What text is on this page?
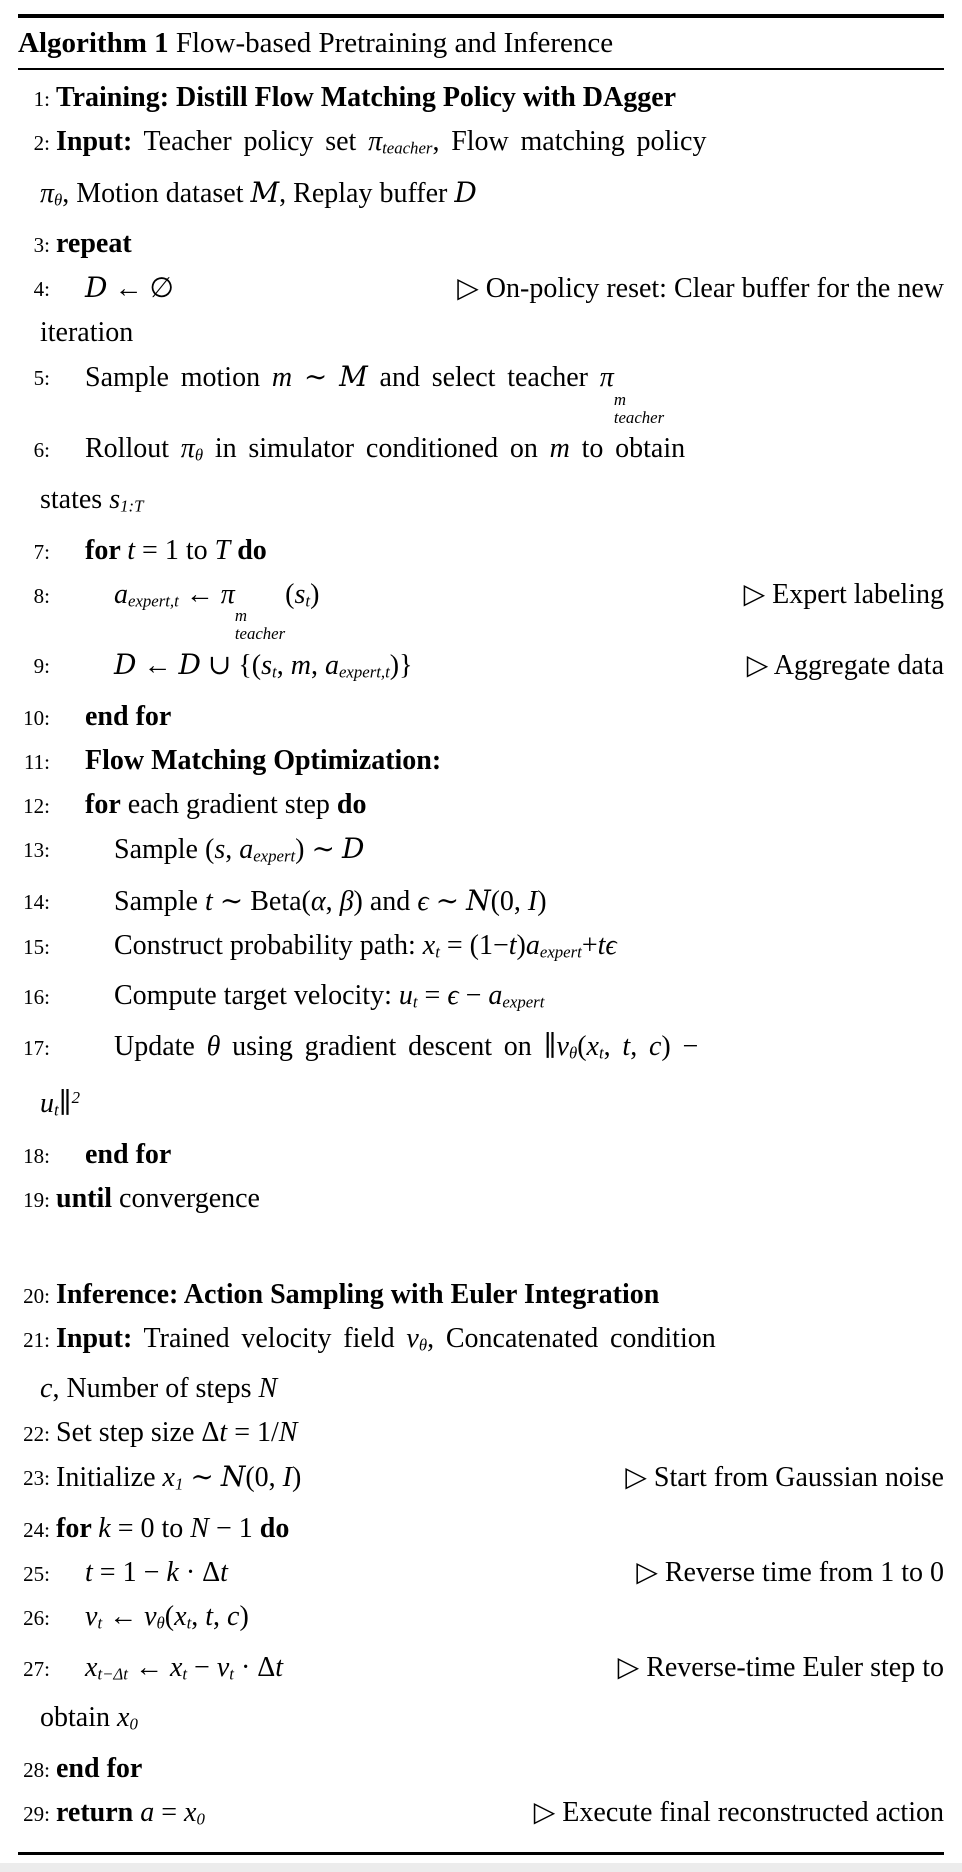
Algorithm 1 Flow-based Pretraining and Inference
1: Training: Distill Flow Matching Policy with DAgger
2: Input: Teacher policy set πteacher, Flow matching policy
πθ, Motion dataset M, Replay buffer D
3: repeat
4: D ← ∅	▷ On-policy reset: Clear buffer for the new
iteration
5: Sample motion m ∼ M and select teacher π
m
teacher
6: Rollout πθ in simulator conditioned on m to obtain
states s1:T
7: for t = 1 to T do
8: aexpert,t ← π
m
teacher
(st)	▷ Expert labeling
9: D ← D ∪ {(st, m, aexpert,t)}	▷ Aggregate data
10: end for
11: Flow Matching Optimization:
12: for each gradient step do
13: Sample (s, aexpert) ∼ D
14: Sample t ∼ Beta(α, β) and ϵ ∼ N(0, I)
15: Construct probability path: xt = (1−t)aexpert+tϵ
16: Compute target velocity: ut = ϵ − aexpert
17: Update θ using gradient descent on ∥vθ(xt, t, c) −
ut∥$^2$
18: end for
19: until convergence
20: Inference: Action Sampling with Euler Integration
21: Input: Trained velocity field vθ, Concatenated condition
c, Number of steps N
22: Set step size Δt = 1/N
23: Initialize x1 ∼ N(0, I)	▷ Start from Gaussian noise
24: for k = 0 to N − 1 do
25: t = 1 − k · Δt	▷ Reverse time from 1 to 0
26: vt ← vθ(xt, t, c)
27: xt−Δt ← xt − vt · Δt	▷ Reverse-time Euler step to
obtain x0
28: end for
29: return a = x0	▷ Execute final reconstructed action
